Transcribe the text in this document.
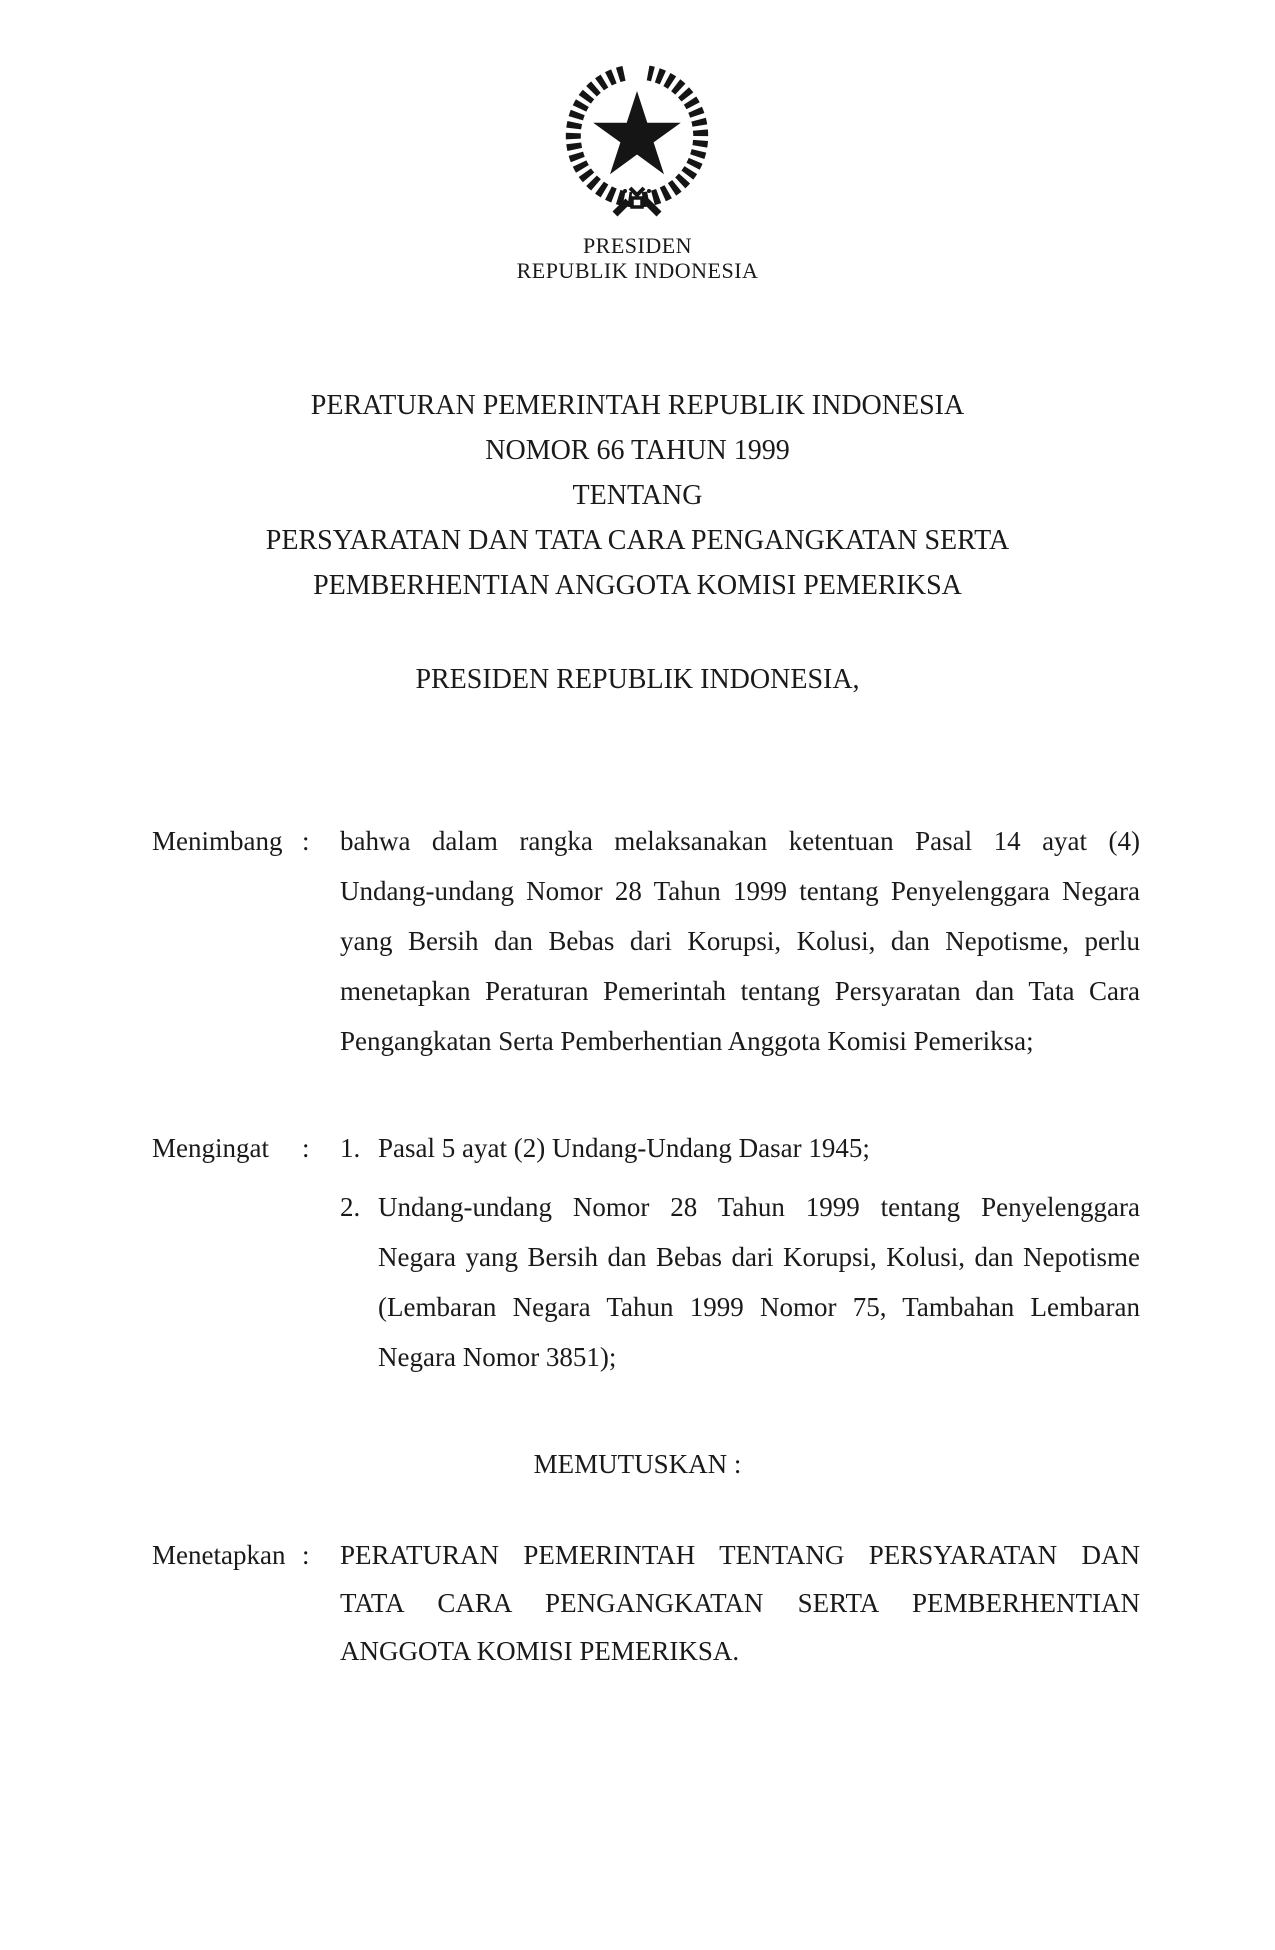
PRESIDEN
REPUBLIK INDONESIA
PERATURAN PEMERINTAH REPUBLIK INDONESIA
NOMOR 66 TAHUN 1999
TENTANG
PERSYARATAN DAN TATA CARA PENGANGKATAN SERTA
PEMBERHENTIAN ANGGOTA KOMISI PEMERIKSA
PRESIDEN REPUBLIK INDONESIA,
Menimbang :	bahwa dalam rangka melaksanakan ketentuan Pasal 14 ayat (4)
Undang-undang Nomor 28 Tahun 1999 tentang Penyelenggara Negara
yang Bersih dan Bebas dari Korupsi, Kolusi, dan Nepotisme, perlu
menetapkan Peraturan Pemerintah tentang Persyaratan dan Tata Cara
Pengangkatan Serta Pemberhentian Anggota Komisi Pemeriksa;
Mengingat	:	1. Pasal 5 ayat (2) Undang-Undang Dasar 1945;
2. Undang-undang Nomor 28 Tahun 1999 tentang Penyelenggara
Negara yang Bersih dan Bebas dari Korupsi, Kolusi, dan Nepotisme
(Lembaran Negara Tahun 1999 Nomor 75, Tambahan Lembaran
Negara Nomor 3851);
MEMUTUSKAN :
Menetapkan :	PERATURAN PEMERINTAH TENTANG PERSYARATAN DAN
TATA CARA PENGANGKATAN SERTA PEMBERHENTIAN
ANGGOTA KOMISI PEMERIKSA.
